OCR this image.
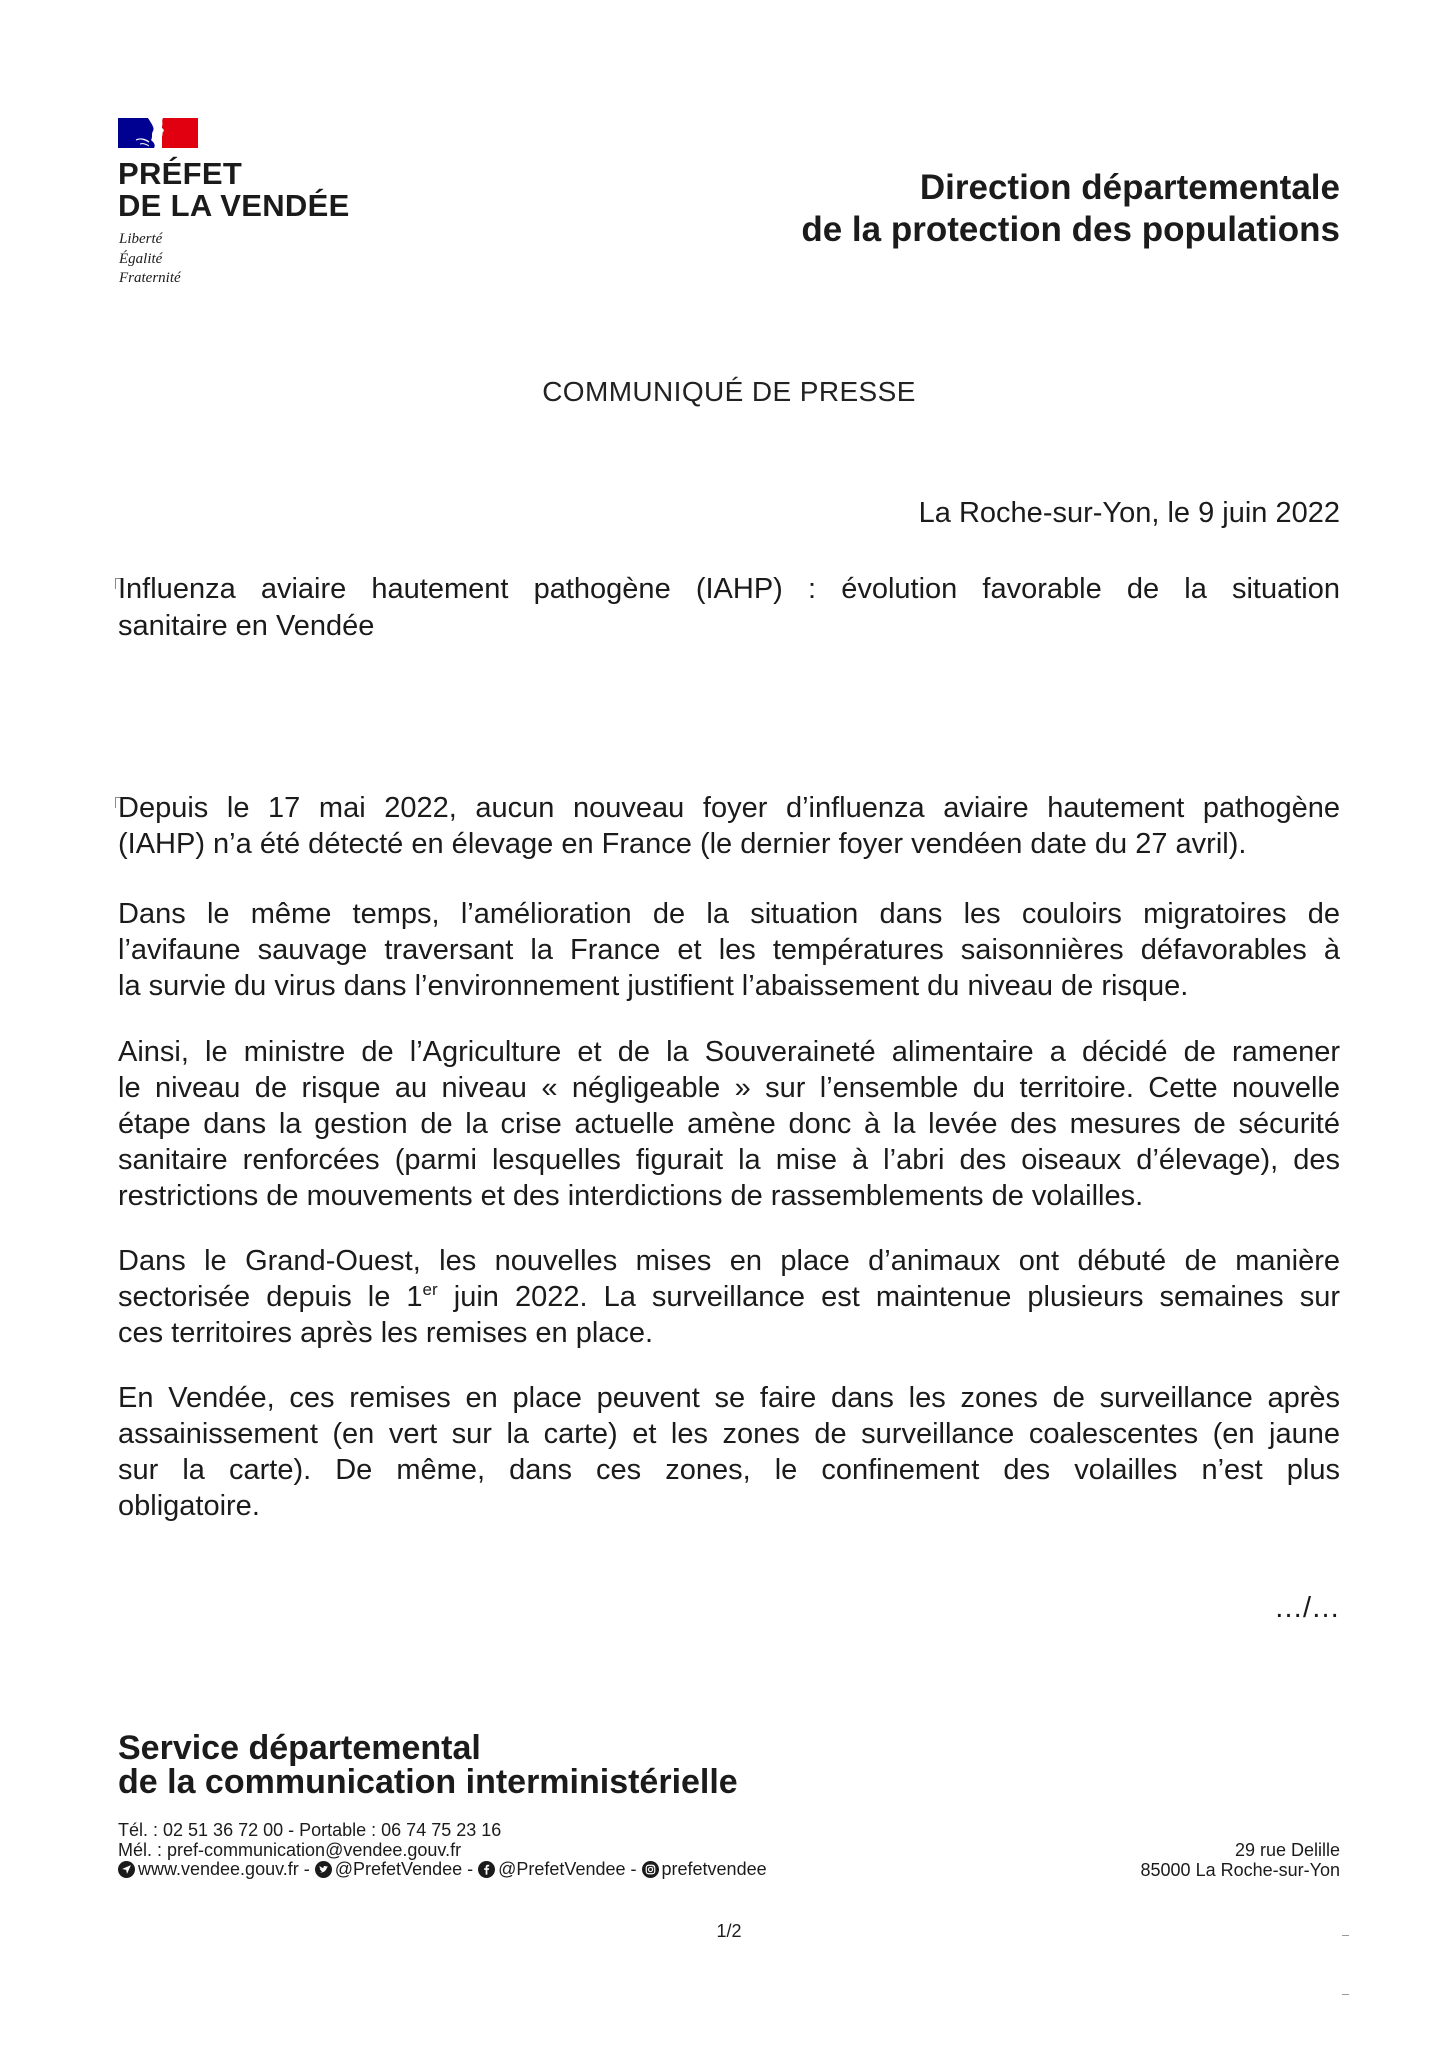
PRÉFET
DE LA VENDÉE
Liberté
Égalité
Fraternité
Direction départementale
de la protection des populations
COMMUNIQUÉ DE PRESSE
La Roche-sur-Yon, le 9 juin 2022
Influenza aviaire hautement pathogène (IAHP) : évolution favorable de la situation
sanitaire en Vendée
Depuis le 17 mai 2022, aucun nouveau foyer d’influenza aviaire hautement pathogène
(IAHP) n’a été détecté en élevage en France (le dernier foyer vendéen date du 27 avril).
Dans le même temps, l’amélioration de la situation dans les couloirs migratoires de
l’avifaune sauvage traversant la France et les températures saisonnières défavorables à
la survie du virus dans l’environnement justifient l’abaissement du niveau de risque.
Ainsi, le ministre de l’Agriculture et de la Souveraineté alimentaire a décidé de ramener
le niveau de risque au niveau « négligeable » sur l’ensemble du territoire. Cette nouvelle
étape dans la gestion de la crise actuelle amène donc à la levée des mesures de sécurité
sanitaire renforcées (parmi lesquelles figurait la mise à l’abri des oiseaux d’élevage), des
restrictions de mouvements et des interdictions de rassemblements de volailles.
Dans le Grand-Ouest, les nouvelles mises en place d’animaux ont débuté de manière
sectorisée depuis le 1er juin 2022. La surveillance est maintenue plusieurs semaines sur
ces territoires après les remises en place.
En Vendée, ces remises en place peuvent se faire dans les zones de surveillance après
assainissement (en vert sur la carte) et les zones de surveillance coalescentes (en jaune
sur la carte). De même, dans ces zones, le confinement des volailles n’est plus
obligatoire.
…/…
Service départemental
de la communication interministérielle
Tél. : 02 51 36 72 00 - Portable : 06 74 75 23 16
Mél. : pref-communication@vendee.gouv.fr
www.vendee.gouv.fr - @PrefetVendee - @PrefetVendee - prefetvendee
29 rue Delille
85000 La Roche-sur-Yon
1/2
